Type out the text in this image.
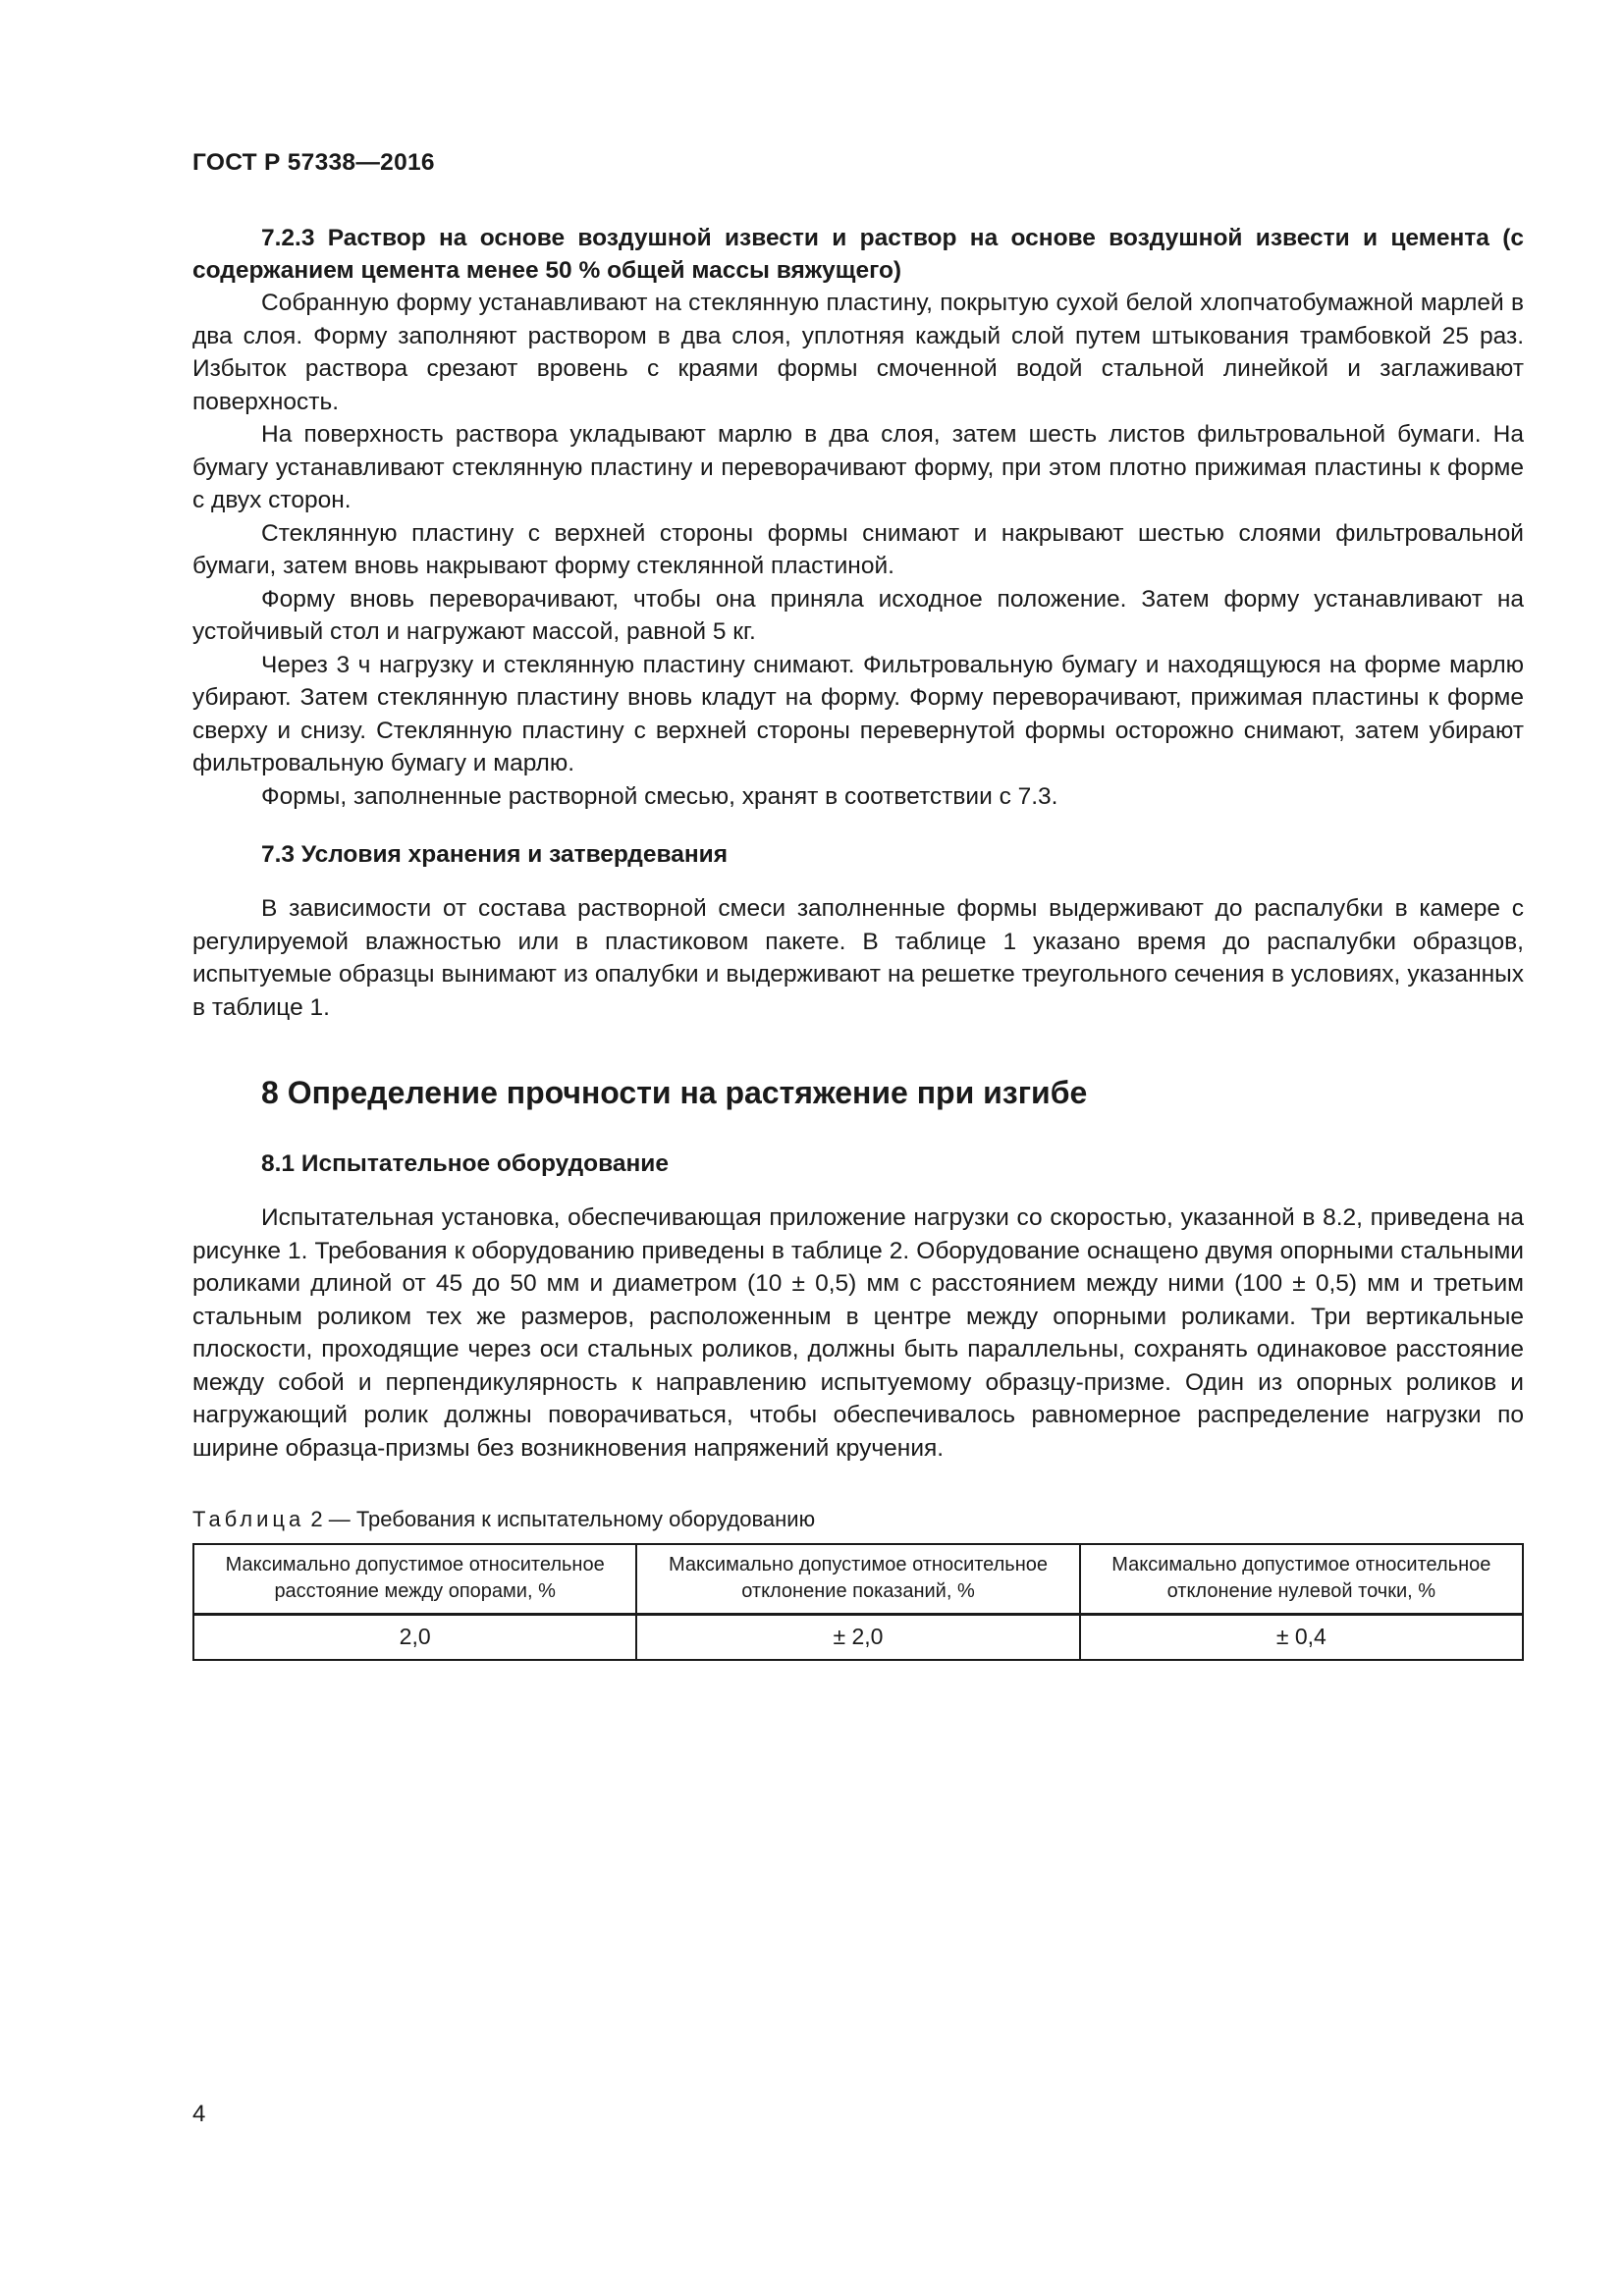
ГОСТ Р 57338—2016

7.2.3 Раствор на основе воздушной извести и раствор на основе воздушной извести и цемента (с содержанием цемента менее 50 % общей массы вяжущего)

Собранную форму устанавливают на стеклянную пластину, покрытую сухой белой хлопчатобумажной марлей в два слоя. Форму заполняют раствором в два слоя, уплотняя каждый слой путем штыкования трамбовкой 25 раз. Избыток раствора срезают вровень с краями формы смоченной водой стальной линейкой и заглаживают поверхность.

На поверхность раствора укладывают марлю в два слоя, затем шесть листов фильтровальной бумаги. На бумагу устанавливают стеклянную пластину и переворачивают форму, при этом плотно прижимая пластины к форме с двух сторон.

Стеклянную пластину с верхней стороны формы снимают и накрывают шестью слоями фильтровальной бумаги, затем вновь накрывают форму стеклянной пластиной.

Форму вновь переворачивают, чтобы она приняла исходное положение. Затем форму устанавливают на устойчивый стол и нагружают массой, равной 5 кг.

Через 3 ч нагрузку и стеклянную пластину снимают. Фильтровальную бумагу и находящуюся на форме марлю убирают. Затем стеклянную пластину вновь кладут на форму. Форму переворачивают, прижимая пластины к форме сверху и снизу. Стеклянную пластину с верхней стороны перевернутой формы осторожно снимают, затем убирают фильтровальную бумагу и марлю.

Формы, заполненные растворной смесью, хранят в соответствии с 7.3.

7.3 Условия хранения и затвердевания

В зависимости от состава растворной смеси заполненные формы выдерживают до распалубки в камере с регулируемой влажностью или в пластиковом пакете. В таблице 1 указано время до распалубки образцов, испытуемые образцы вынимают из опалубки и выдерживают на решетке треугольного сечения в условиях, указанных в таблице 1.

8 Определение прочности на растяжение при изгибе
8.1 Испытательное оборудование

Испытательная установка, обеспечивающая приложение нагрузки со скоростью, указанной в 8.2, приведена на рисунке 1. Требования к оборудованию приведены в таблице 2. Оборудование оснащено двумя опорными стальными роликами длиной от 45 до 50 мм и диаметром (10 ± 0,5) мм с расстоянием между ними (100 ± 0,5) мм и третьим стальным роликом тех же размеров, расположенным в центре между опорными роликами. Три вертикальные плоскости, проходящие через оси стальных роликов, должны быть параллельны, сохранять одинаковое расстояние между собой и перпендикулярность к направлению испытуемому образцу-призме. Один из опорных роликов и нагружающий ролик должны поворачиваться, чтобы обеспечивалось равномерное распределение нагрузки по ширине образца-призмы без возникновения напряжений кручения.

Таблица 2 — Требования к испытательному оборудованию
Максимально допустимое относительное расстояние между опорами, %	Максимально допустимое относительное отклонение показаний, %	Максимально допустимое относительное отклонение нулевой точки, %
2,0	± 2,0	± 0,4
4
